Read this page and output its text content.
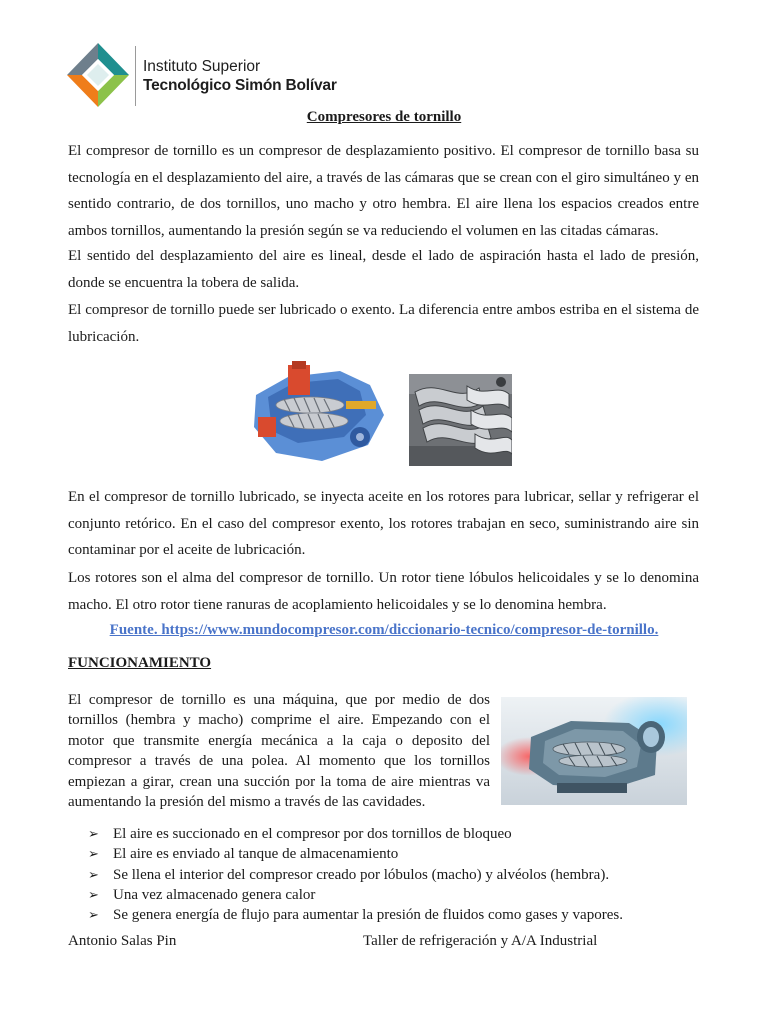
Instituto Superior
Tecnológico Simón Bolívar
Compresores de tornillo
El compresor de tornillo es un compresor de desplazamiento positivo. El compresor de tornillo basa su tecnología en el desplazamiento del aire, a través de las cámaras que se crean con el giro simultáneo y en sentido contrario, de dos tornillos, uno macho y otro hembra. El aire llena los espacios creados entre ambos tornillos, aumentando la presión según se va reduciendo el volumen en las citadas cámaras.
El sentido del desplazamiento del aire es lineal, desde el lado de aspiración hasta el lado de presión, donde se encuentra la tobera de salida.
El compresor de tornillo puede ser lubricado o exento. La diferencia entre ambos estriba en el sistema de lubricación.
En el compresor de tornillo lubricado, se inyecta aceite en los rotores para lubricar, sellar y refrigerar el conjunto retórico. En el caso del compresor exento, los rotores trabajan en seco, suministrando aire sin contaminar por el aceite de lubricación.
Los rotores son el alma del compresor de tornillo. Un rotor tiene lóbulos helicoidales y se lo denomina macho. El otro rotor tiene ranuras de acoplamiento helicoidales y se lo denomina hembra.
Fuente. https://www.mundocompresor.com/diccionario-tecnico/compresor-de-tornillo.
FUNCIONAMIENTO
El compresor de tornillo es una máquina, que por medio de dos tornillos (hembra y macho) comprime el aire. Empezando con el motor que transmite energía mecánica a la caja o deposito del compresor a través de una polea. Al momento que los tornillos empiezan a girar, crean una succión por la toma de aire mientras va aumentando la presión del mismo a través de las cavidades.
➢ El aire es succionado en el compresor por dos tornillos de bloqueo
➢ El aire es enviado al tanque de almacenamiento
➢ Se llena el interior del compresor creado por lóbulos (macho) y alvéolos (hembra).
➢ Una vez almacenado genera calor
➢ Se genera energía de flujo para aumentar la presión de fluidos como gases y vapores.
Antonio Salas Pin	Taller de refrigeración y A/A Industrial
